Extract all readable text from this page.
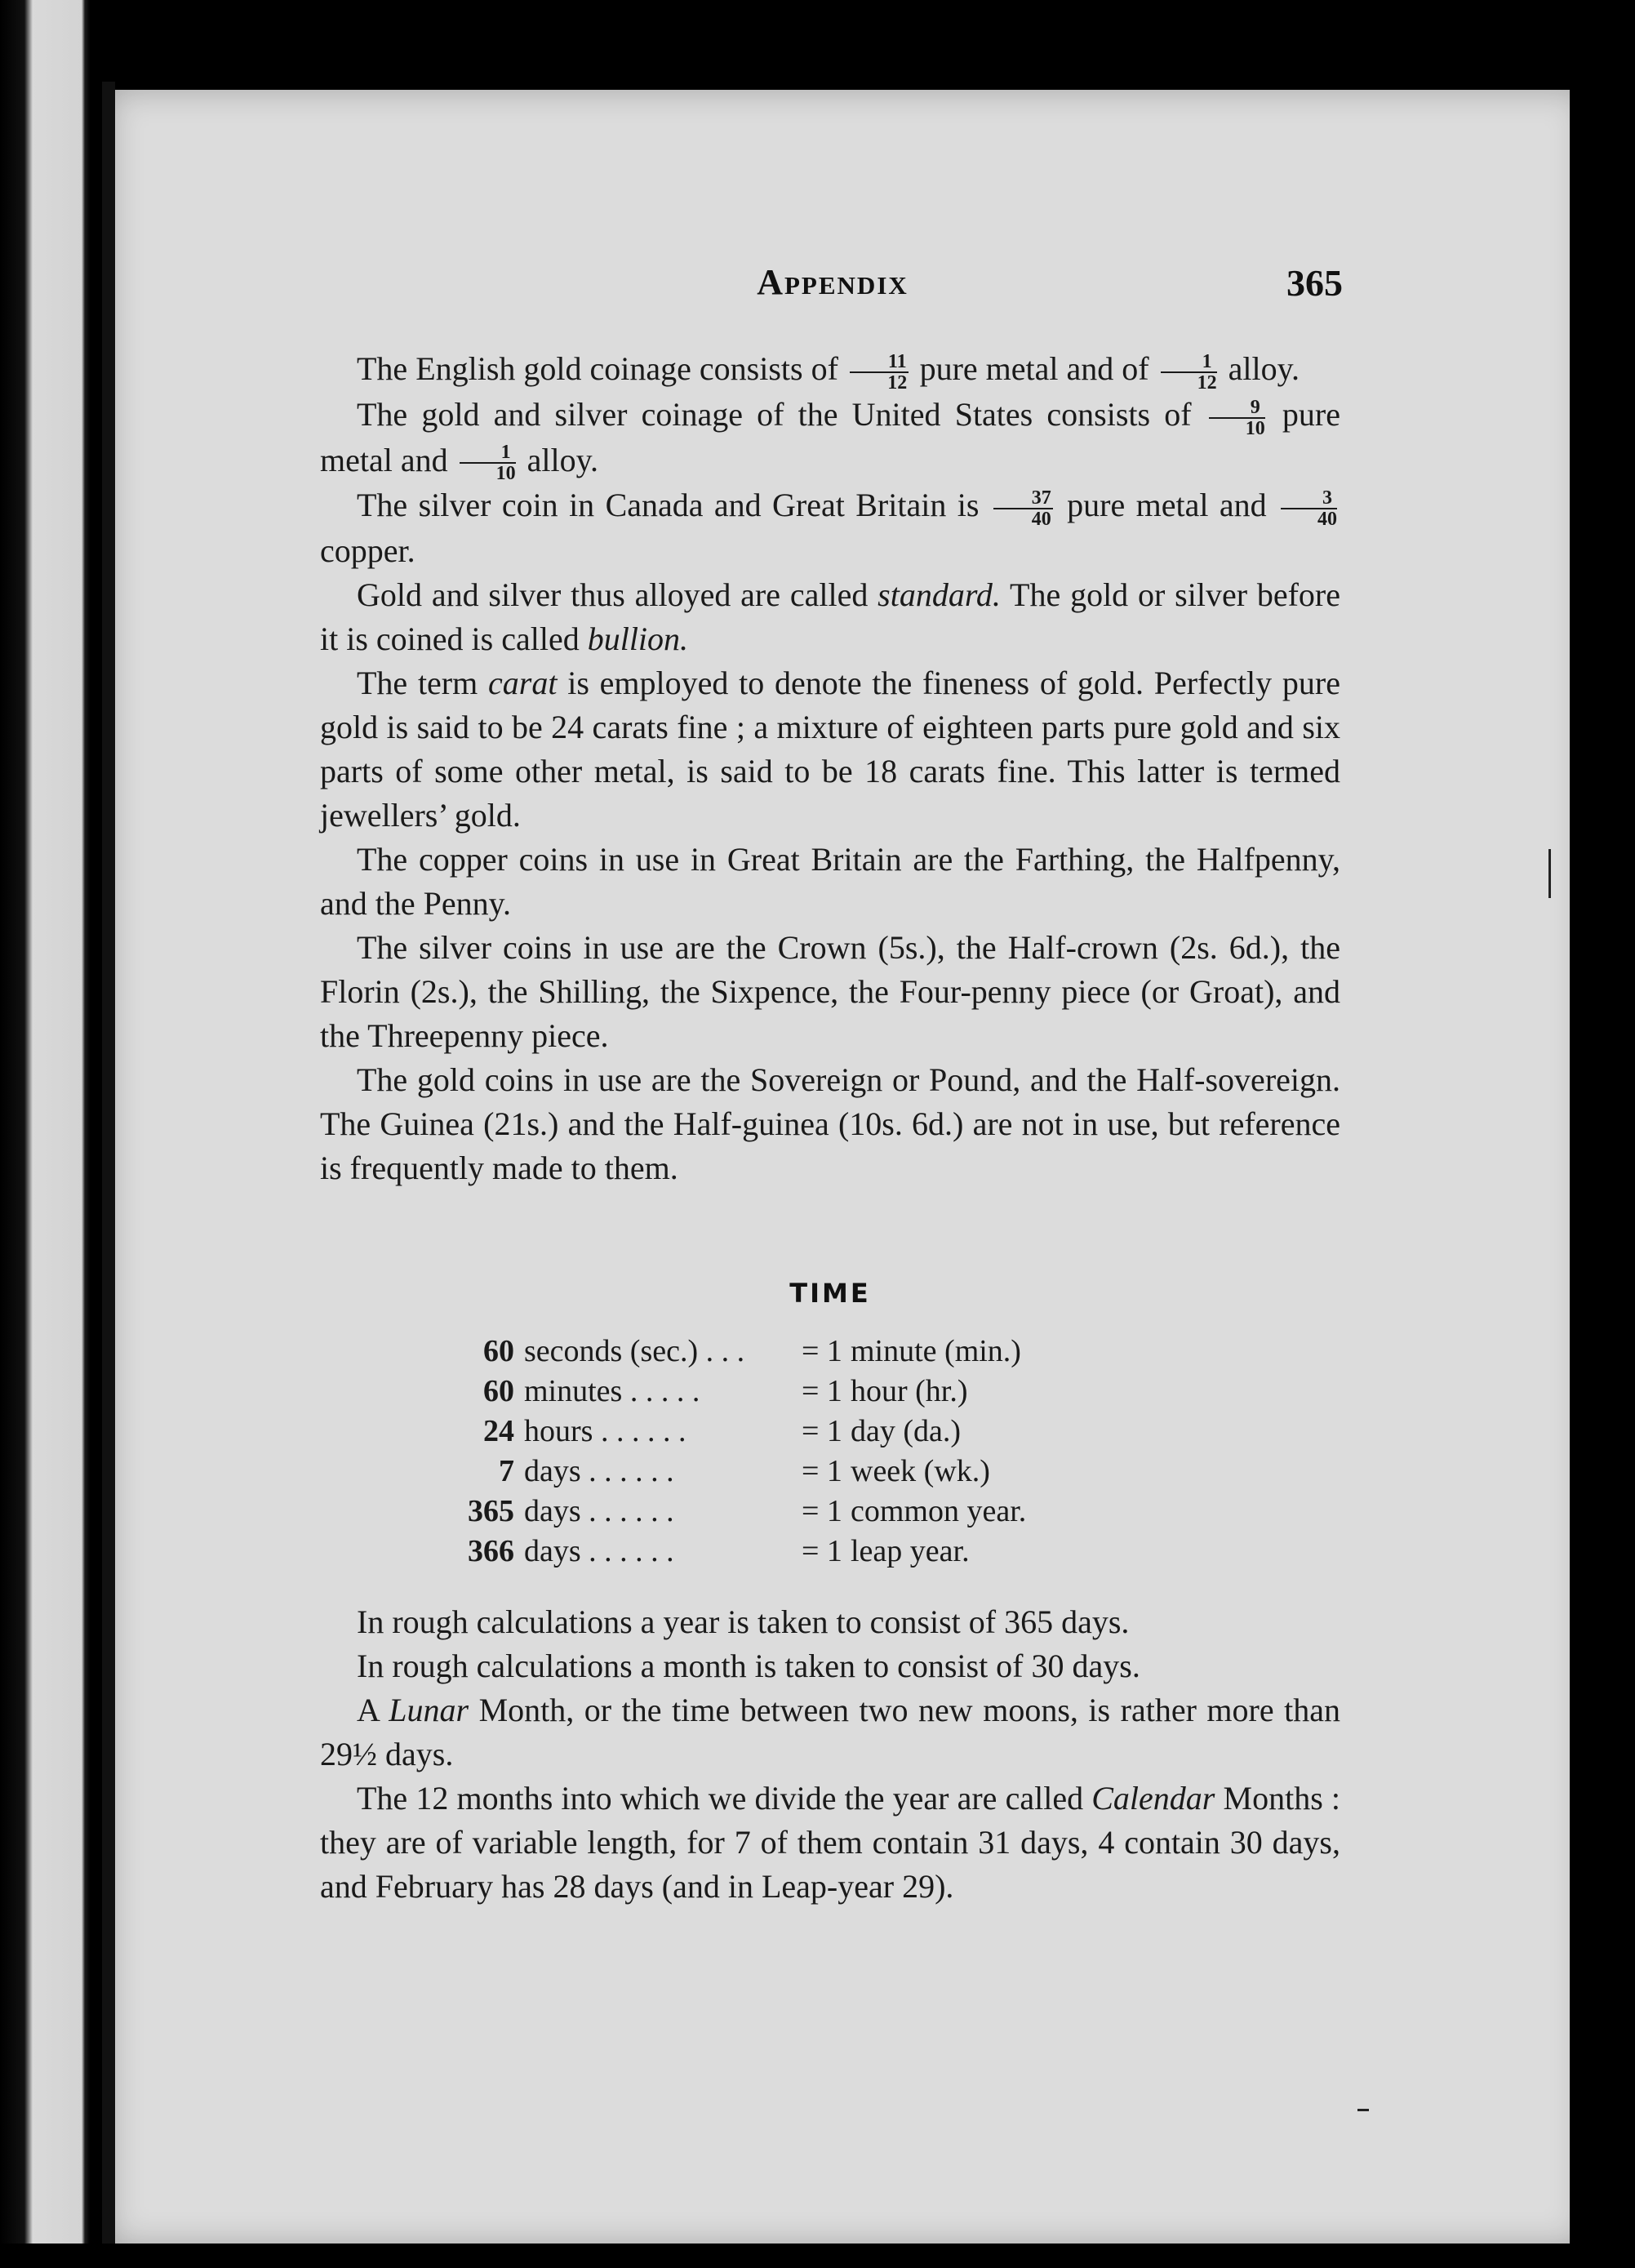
Appendix	365

The English gold coinage consists of $\frac{11}{12}$ pure metal and of $\frac{1}{12}$ alloy.

The gold and silver coinage of the United States consists of $\frac{9}{10}$ pure metal and $\frac{1}{10}$ alloy.

The silver coin in Canada and Great Britain is $\frac{37}{40}$ pure metal and $\frac{3}{40}$
copper.

Gold and silver thus alloyed are called standard. The gold or silver before it is coined is called bullion.

The term carat is employed to denote the fineness of gold. Perfectly pure gold is said to be 24 carats fine ; a mixture of eighteen parts pure gold and six parts of some other metal, is said to be 18 carats fine. This latter is termed jewellers’ gold.

The copper coins in use in Great Britain are the Farthing, the Halfpenny, and the Penny.

The silver coins in use are the Crown (5s.), the Half-crown (2s. 6d.), the Florin (2s.), the Shilling, the Sixpence, the Four-penny piece (or Groat), and the Threepenny piece.

The gold coins in use are the Sovereign or Pound, and the Half-sovereign. The Guinea (21s.) and the Half-guinea (10s. 6d.) are not in use, but reference is frequently made to them.

TIME
60	seconds (sec.) . . .	= 1	minute (min.)
60	minutes . . . . .	= 1	hour (hr.)
24	hours . . . . . .	= 1	day (da.)
7	days . . . . . .	= 1	week (wk.)
365	days . . . . . .	= 1	common year.
366	days . . . . . .	= 1	leap year.

In rough calculations a year is taken to consist of 365 days.

In rough calculations a month is taken to consist of 30 days.

A Lunar Month, or the time between two new moons, is rather more than 29½ days.

The 12 months into which we divide the year are called Calendar Months : they are of variable length, for 7 of them contain 31 days, 4 contain 30 days, and February has 28 days (and in Leap-year 29).
